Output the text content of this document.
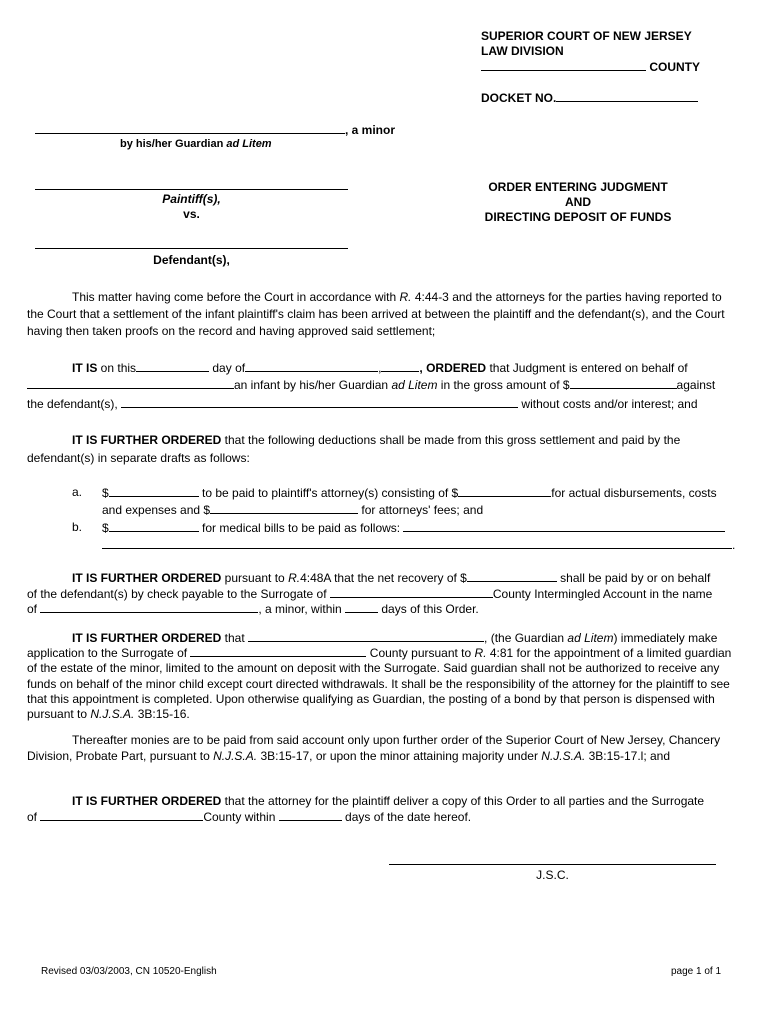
SUPERIOR COURT OF NEW JERSEY
LAW DIVISION
COUNTY
DOCKET NO.
, a minor
by his/her Guardian ad Litem
Paintiff(s),
vs.
Defendant(s),
ORDER ENTERING JUDGMENT
AND
DIRECTING DEPOSIT OF FUNDS
This matter having come before the Court in accordance with R. 4:44-3 and the attorneys for the parties having reported to the Court that a settlement of the infant plaintiff's claim has been arrived at between the plaintiff and the defendant(s), and the Court having then taken proofs on the record and having approved said settlement;
IT IS on this	day of	,	, ORDERED that Judgment is entered on behalf of
an infant by his/her Guardian ad Litem in the gross amount of $	against
the defendant(s),	without costs and/or interest; and
IT IS FURTHER ORDERED that the following deductions shall be made from this gross settlement and paid by the defendant(s) in separate drafts as follows:
a. $	to be paid to plaintiff's attorney(s) consisting of $	for actual disbursements, costs
and expenses and $	for attorneys' fees; and
b. $	for medical bills to be paid as follows:
.
IT IS FURTHER ORDERED pursuant to R.4:48A that the net recovery of $	shall be paid by or on behalf
of the defendant(s) by check payable to the Surrogate of	County Intermingled Account in the name
of	, a minor, within	days of this Order.
IT IS FURTHER ORDERED that	, (the Guardian ad Litem) immediately make
application to the Surrogate of	County pursuant to R. 4:81 for the appointment of a limited guardian of the estate of the minor, limited to the amount on deposit with the Surrogate. Said guardian shall not be authorized to receive any funds on behalf of the minor child except court directed withdrawals. It shall be the responsibility of the attorney for the plaintiff to see that this appointment is completed. Upon otherwise qualifying as Guardian, the posting of a bond by that person is dispensed with pursuant to N.J.S.A. 3B:15-16.
Thereafter monies are to be paid from said account only upon further order of the Superior Court of New Jersey, Chancery Division, Probate Part, pursuant to N.J.S.A. 3B:15-17, or upon the minor attaining majority under N.J.S.A. 3B:15-17.l; and
IT IS FURTHER ORDERED that the attorney for the plaintiff deliver a copy of this Order to all parties and the Surrogate
of	County within	days of the date hereof.
J.S.C.
Revised 03/03/2003, CN 10520-English	page 1 of 1
